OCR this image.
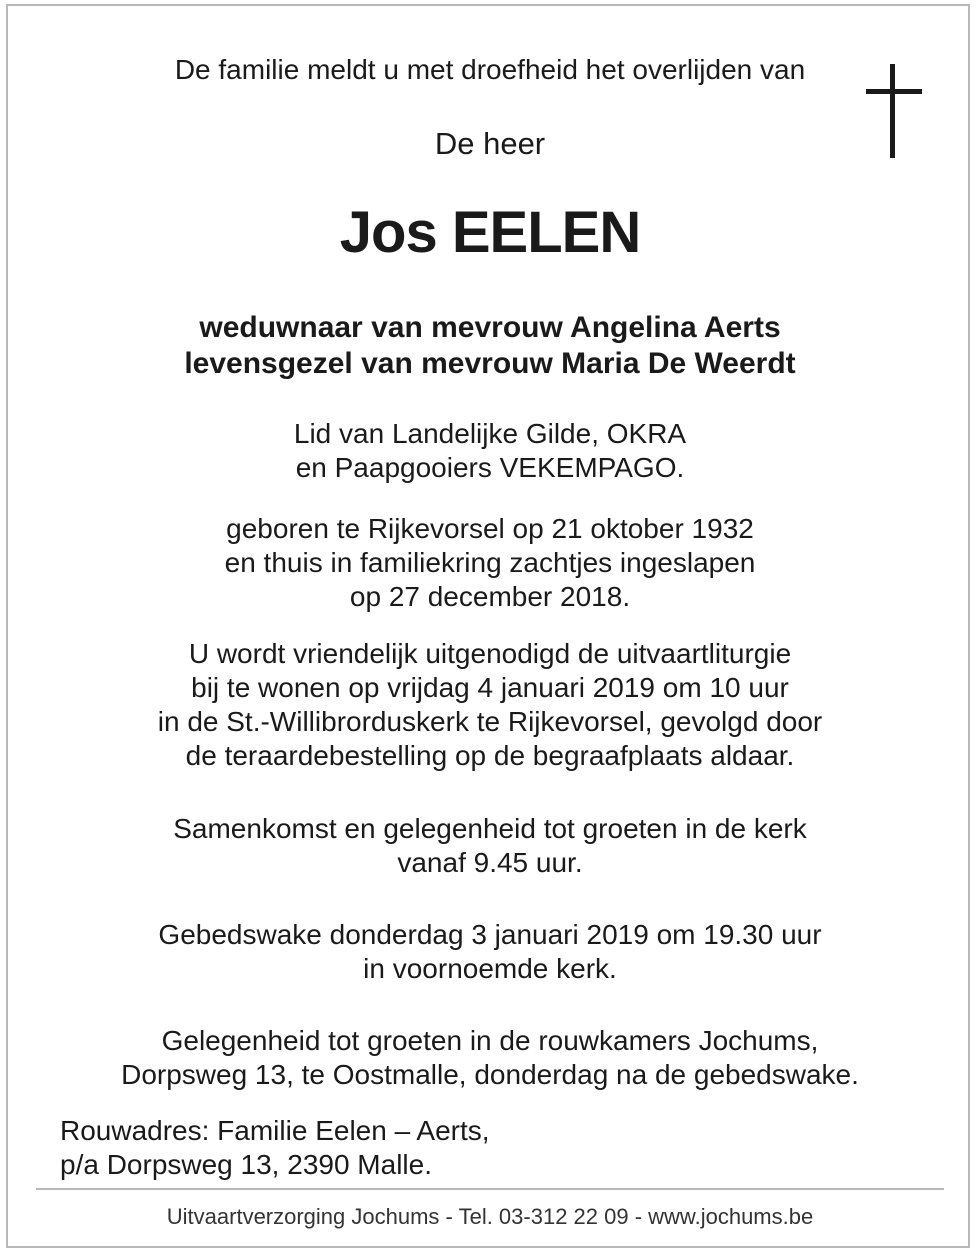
De familie meldt u met droefheid het overlijden van
De heer
Jos EELEN
weduwnaar van mevrouw Angelina Aerts
levensgezel van mevrouw Maria De Weerdt
Lid van Landelijke Gilde, OKRA
en Paapgooiers VEKEMPAGO.
geboren te Rijkevorsel op 21 oktober 1932
en thuis in familiekring zachtjes ingeslapen
op 27 december 2018.
U wordt vriendelijk uitgenodigd de uitvaartliturgie
bij te wonen op vrijdag 4 januari 2019 om 10 uur
in de St.-Willibrorduskerk te Rijkevorsel, gevolgd door
de teraardebestelling op de begraafplaats aldaar.
Samenkomst en gelegenheid tot groeten in de kerk
vanaf 9.45 uur.
Gebedswake donderdag 3 januari 2019 om 19.30 uur
in voornoemde kerk.
Gelegenheid tot groeten in de rouwkamers Jochums,
Dorpsweg 13, te Oostmalle, donderdag na de gebedswake.
Rouwadres: Familie Eelen – Aerts,
p/a Dorpsweg 13, 2390 Malle.
Uitvaartverzorging Jochums - Tel. 03-312 22 09 - www.jochums.be
